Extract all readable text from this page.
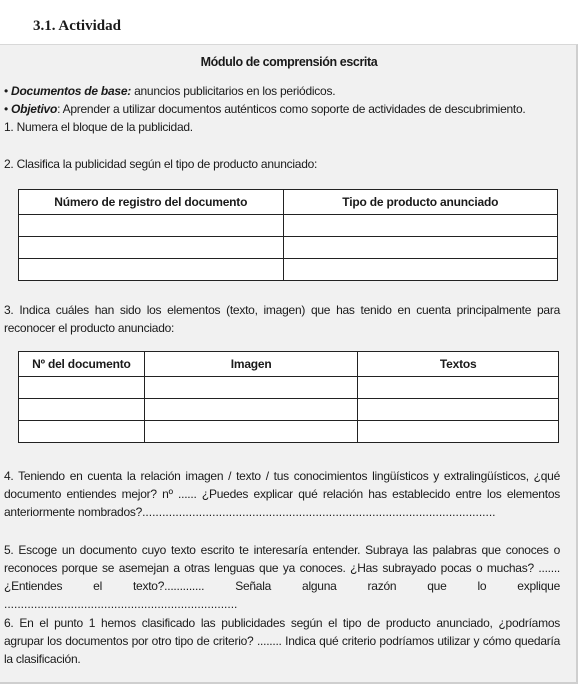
3.1. Actividad
Módulo de comprensión escrita
• Documentos de base: anuncios publicitarios en los periódicos.
• Objetivo: Aprender a utilizar documentos auténticos como soporte de actividades de descubrimiento.
1. Numera el bloque de la publicidad.
2. Clasifica la publicidad según el tipo de producto anunciado:
Número de registro del documento	Tipo de producto anunciado

3. Indica cuáles han sido los elementos (texto, imagen) que has tenido en cuenta principalmente para reconocer el producto anunciado:
Nº del documento	Imagen	Textos

4. Teniendo en cuenta la relación imagen / texto / tus conocimientos lingüísticos y extralingüísticos, ¿qué documento entiendes mejor? nº ...... ¿Puedes explicar qué relación has establecido entre los elementos anteriormente nombrados?..........................................................................................................
5. Escoge un documento cuyo texto escrito te interesaría entender. Subraya las palabras que conoces o reconoces porque se asemejan a otras lenguas que ya conoces. ¿Has subrayado pocas o muchas? ....... ¿Entiendes el texto?............. Señala alguna razón que lo explique ......................................................................
6. En el punto 1 hemos clasificado las publicidades según el tipo de producto anunciado, ¿podríamos agrupar los documentos por otro tipo de criterio? ........ Indica qué criterio podríamos utilizar y cómo quedaría la clasificación.
